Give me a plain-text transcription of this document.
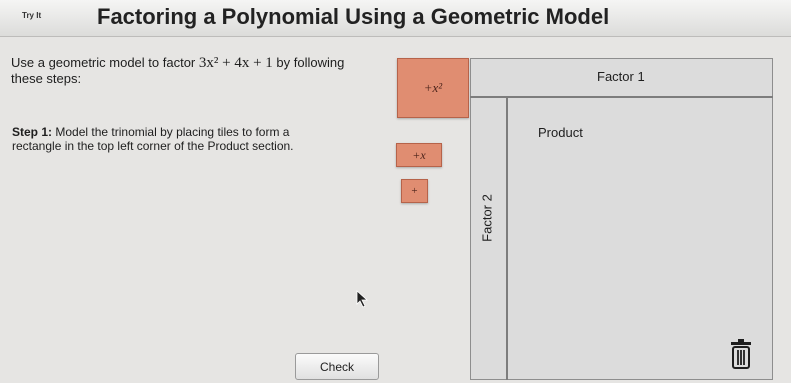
Try It	Factoring a Polynomial Using a Geometric Model
Use a geometric model to factor 3x² + 4x + 1 by following these steps:
Step 1: Model the trinomial by placing tiles to form a rectangle in the top left corner of the Product section.
+x²
+x
+
Factor 1
Product
Factor 2
Check
